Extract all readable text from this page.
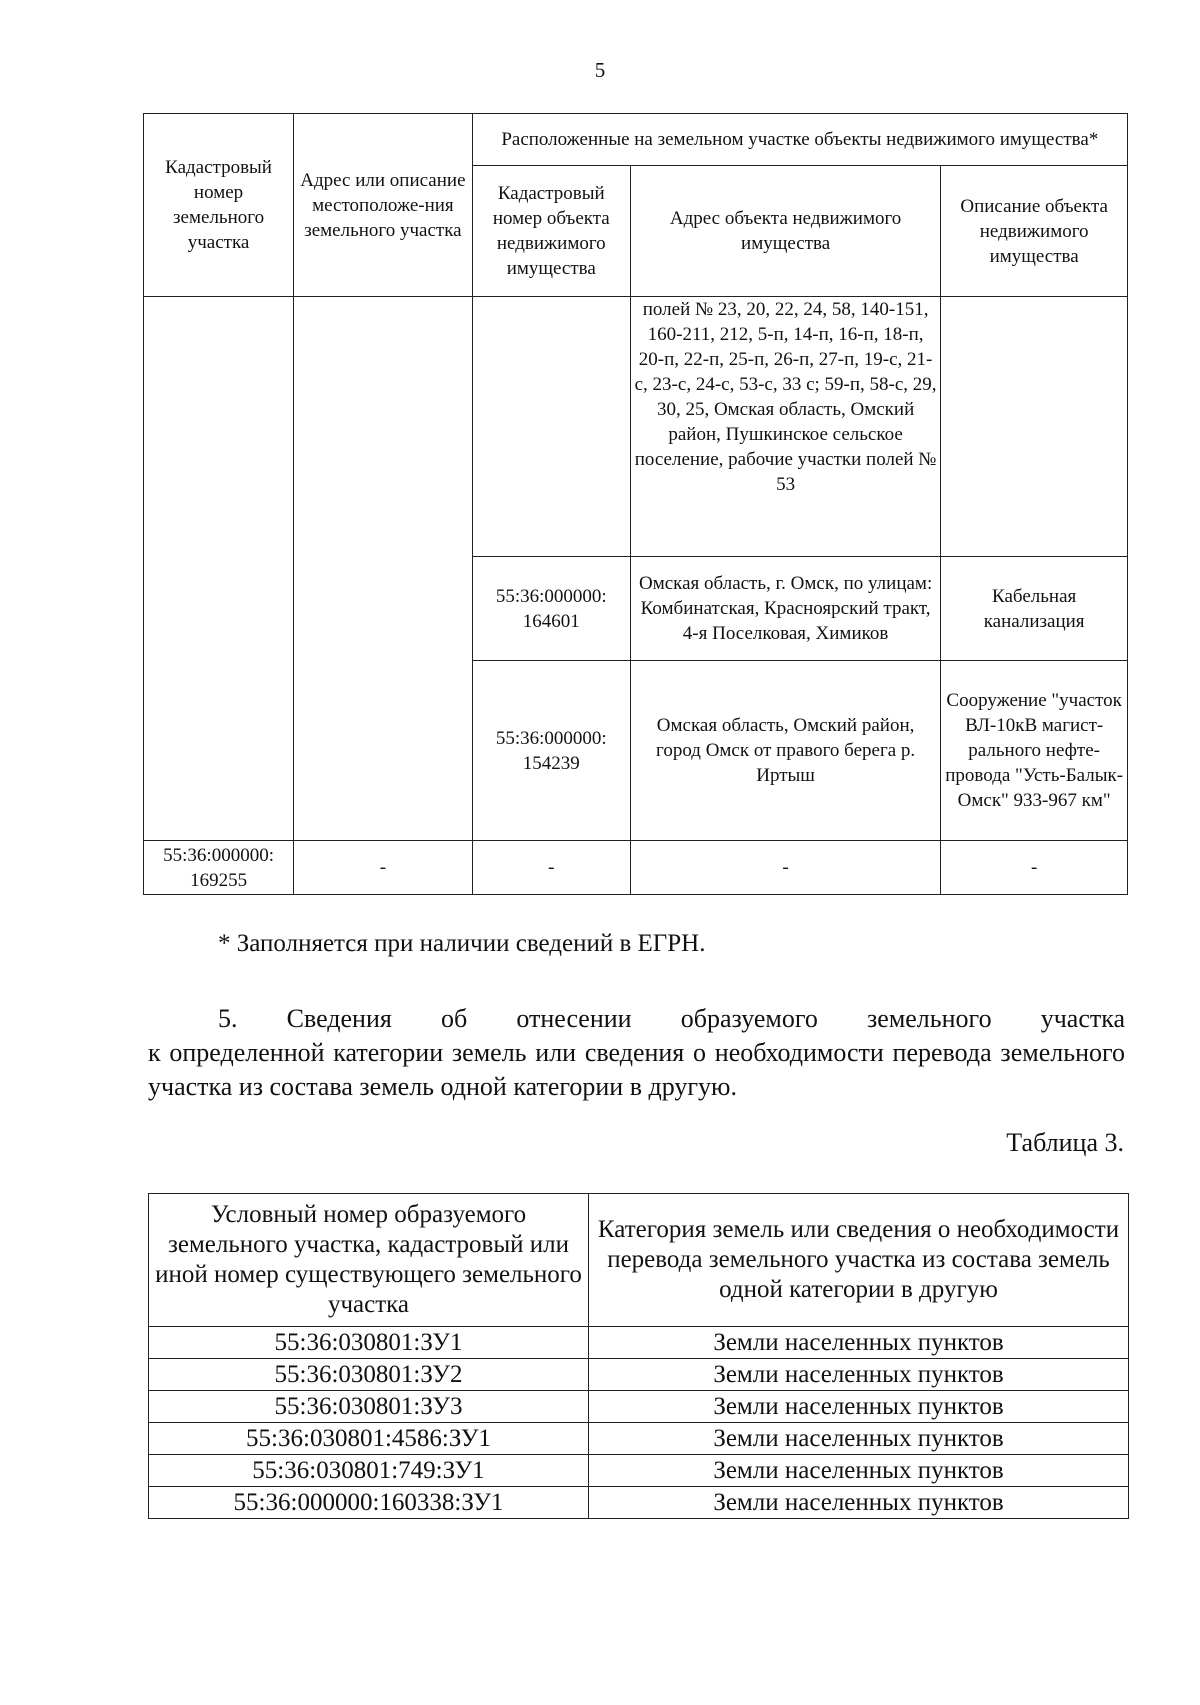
5
Кадастровый номер земельного участка	Адрес или описание местоположе-ния земельного участка	Расположенные на земельном участке объекты недвижимого имущества*		
		Кадастровый номер объекта недвижимого имущества	Адрес объекта недвижимого имущества	Описание объекта недвижимого имущества
			полей № 23, 20, 22, 24, 58, 140-151, 160-211, 212, 5-п, 14-п, 16-п, 18-п, 20-п, 22-п, 25-п, 26-п, 27-п, 19-с, 21-с, 23-с, 24-с, 53-с, 33 с; 59-п, 58-с, 29, 30, 25, Омская область, Омский район, Пушкинское сельское поселение, рабочие участки полей № 53	
		55:36:000000: 164601	Омская область, г. Омск, по улицам: Комбинатская, Красноярский тракт, 4-я Поселковая, Химиков	Кабельная канализация
		55:36:000000: 154239	Омская область, Омский район, город Омск от правого берега р. Иртыш	Сооружение "участок ВЛ-10кВ магист-рального нефте-провода "Усть-Балык-Омск" 933-967 км"
55:36:000000: 169255	-	-	-	-
* Заполняется при наличии сведений в ЕГРН.
5. Сведения об отнесении образуемого земельного участка
к определенной категории земель или сведения о необходимости перевода земельного участка из состава земель одной категории в другую.
Таблица 3.
Условный номер образуемого земельного участка, кадастровый или иной номер существующего земельного участка	Категория земель или сведения о необходимости перевода земельного участка из состава земель одной категории в другую
55:36:030801:ЗУ1	Земли населенных пунктов
55:36:030801:ЗУ2	Земли населенных пунктов
55:36:030801:ЗУ3	Земли населенных пунктов
55:36:030801:4586:ЗУ1	Земли населенных пунктов
55:36:030801:749:ЗУ1	Земли населенных пунктов
55:36:000000:160338:ЗУ1	Земли населенных пунктов
